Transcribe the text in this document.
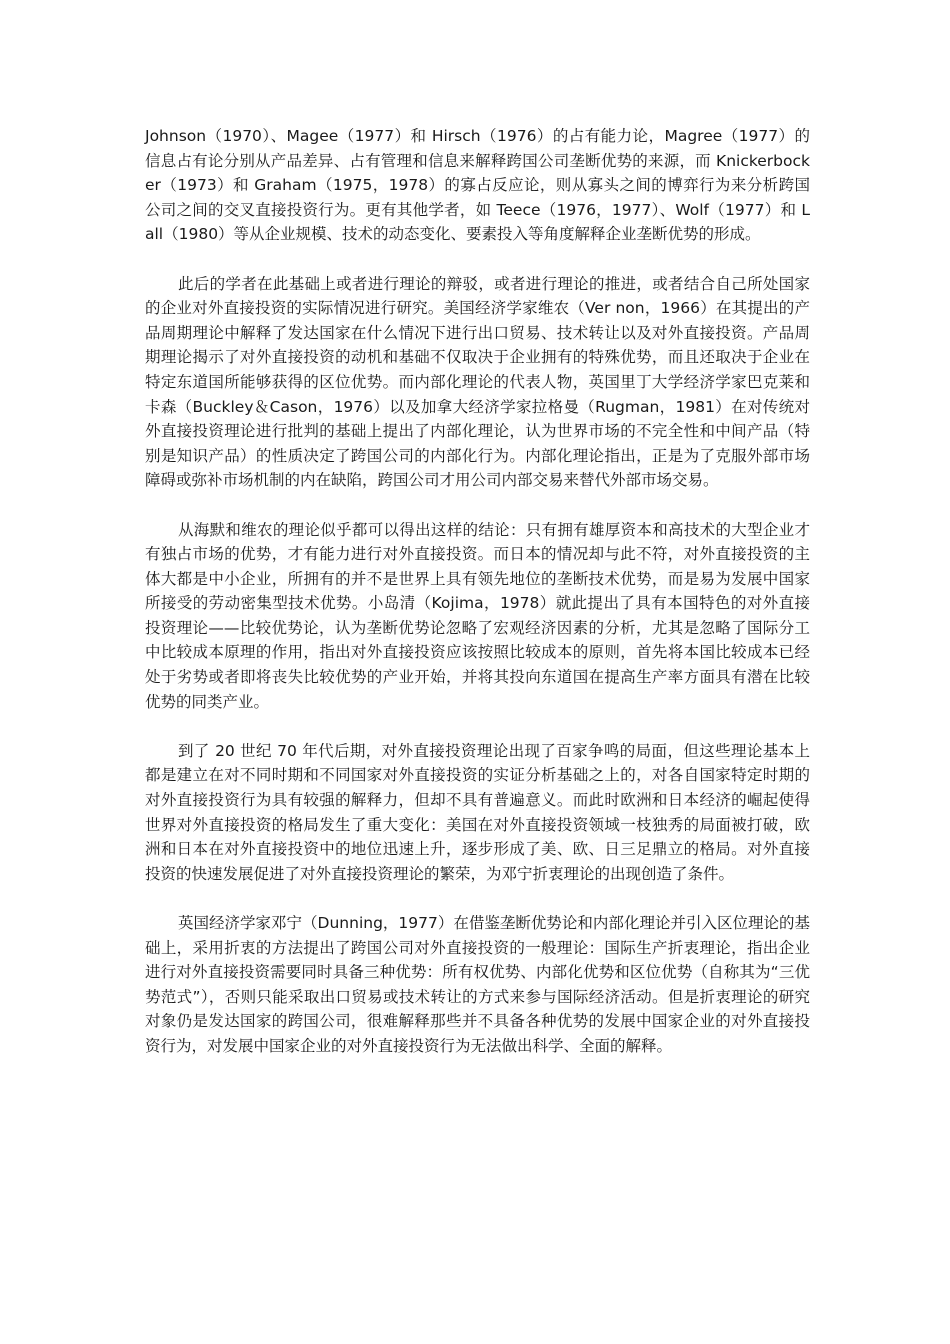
Johnson（1970）、Magee（1977）和 Hirsch（1976）的占有能力论，Magree（1977）的信息占有论分别从产品差异、占有管理和信息来解释跨国公司垄断优势的来源，而 Knickerbocker（1973）和 Graham（1975，1978）的寡占反应论，则从寡头之间的博弈行为来分析跨国公司之间的交叉直接投资行为。更有其他学者，如 Teece（1976，1977）、Wolf（1977）和 Lall（1980）等从企业规模、技术的动态变化、要素投入等角度解释企业垄断优势的形成。

此后的学者在此基础上或者进行理论的辩驳，或者进行理论的推进，或者结合自己所处国家的企业对外直接投资的实际情况进行研究。美国经济学家维农（Ver non，1966）在其提出的产品周期理论中解释了发达国家在什么情况下进行出口贸易、技术转让以及对外直接投资。产品周期理论揭示了对外直接投资的动机和基础不仅取决于企业拥有的特殊优势，而且还取决于企业在特定东道国所能够获得的区位优势。而内部化理论的代表人物，英国里丁大学经济学家巴克莱和卡森（Buckley＆Cason，1976）以及加拿大经济学家拉格曼（Rugman，1981）在对传统对外直接投资理论进行批判的基础上提出了内部化理论，认为世界市场的不完全性和中间产品（特别是知识产品）的性质决定了跨国公司的内部化行为。内部化理论指出，正是为了克服外部市场障碍或弥补市场机制的内在缺陷，跨国公司才用公司内部交易来替代外部市场交易。

从海默和维农的理论似乎都可以得出这样的结论：只有拥有雄厚资本和高技术的大型企业才有独占市场的优势，才有能力进行对外直接投资。而日本的情况却与此不符，对外直接投资的主体大都是中小企业，所拥有的并不是世界上具有领先地位的垄断技术优势，而是易为发展中国家所接受的劳动密集型技术优势。小岛清（Kojima，1978）就此提出了具有本国特色的对外直接投资理论——比较优势论，认为垄断优势论忽略了宏观经济因素的分析，尤其是忽略了国际分工中比较成本原理的作用，指出对外直接投资应该按照比较成本的原则，首先将本国比较成本已经处于劣势或者即将丧失比较优势的产业开始，并将其投向东道国在提高生产率方面具有潜在比较优势的同类产业。

到了 20 世纪 70 年代后期，对外直接投资理论出现了百家争鸣的局面，但这些理论基本上都是建立在对不同时期和不同国家对外直接投资的实证分析基础之上的，对各自国家特定时期的对外直接投资行为具有较强的解释力，但却不具有普遍意义。而此时欧洲和日本经济的崛起使得世界对外直接投资的格局发生了重大变化：美国在对外直接投资领域一枝独秀的局面被打破，欧洲和日本在对外直接投资中的地位迅速上升，逐步形成了美、欧、日三足鼎立的格局。对外直接投资的快速发展促进了对外直接投资理论的繁荣，为邓宁折衷理论的出现创造了条件。

英国经济学家邓宁（Dunning，1977）在借鉴垄断优势论和内部化理论并引入区位理论的基础上，采用折衷的方法提出了跨国公司对外直接投资的一般理论：国际生产折衷理论，指出企业进行对外直接投资需要同时具备三种优势：所有权优势、内部化优势和区位优势（自称其为“三优势范式”），否则只能采取出口贸易或技术转让的方式来参与国际经济活动。但是折衷理论的研究对象仍是发达国家的跨国公司，很难解释那些并不具备各种优势的发展中国家企业的对外直接投资行为，对发展中国家企业的对外直接投资行为无法做出科学、全面的解释。
